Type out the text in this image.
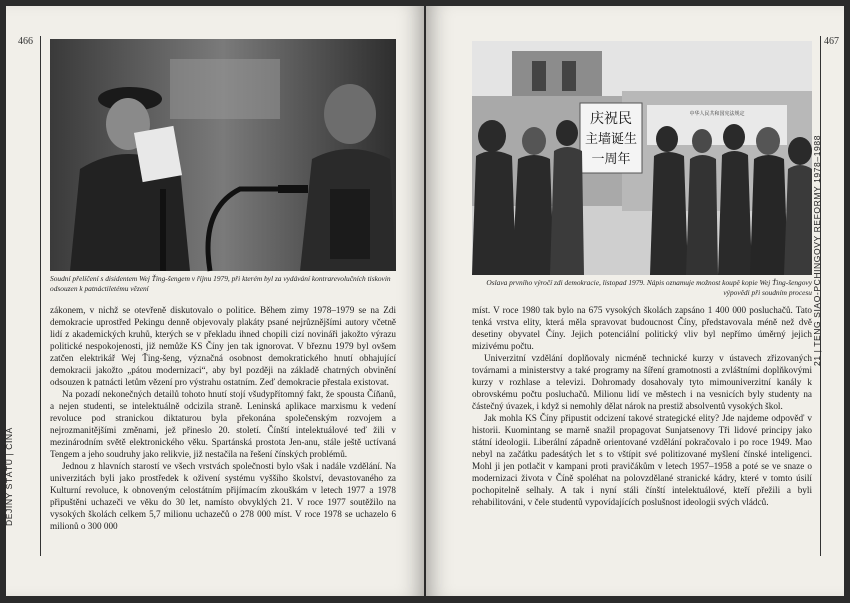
466
DĚJINY STÁTŮ | ČÍNA
Soudní přelíčení s disidentem Wej Ťing-šengem v říjnu 1979, při kterém byl za vydávání kontrarevolučních tiskovin odsouzen k patnáctiletému vězení

zákonem, v nichž se otevřeně diskutovalo o politice. Během zimy 1978–1979 se na Zdi demokracie uprostřed Pekingu denně objevovaly plakáty psané nejrůznějšími autory včetně lidí z akademických kruhů, kterých se v překladu ihned chopili cizí novináři jakožto výrazu politické nespokojenosti, již nemůže KS Číny jen tak ignorovat. V březnu 1979 byl ovšem zatčen elektrikář Wej Ťing-šeng, význačná osobnost demokratického hnutí obhajující demokracii jakožto „pátou modernizaci“, aby byl později na základě chatrných obvinění odsouzen k patnácti letům vězení pro výstrahu ostatním. Zeď demokracie přestala existovat.

Na pozadí nekonečných detailů tohoto hnutí stojí všudypřítomný fakt, že spousta Číňanů, a nejen studenti, se intelektuálně odcizila straně. Leninská aplikace marxismu k vedení revoluce pod stranickou diktaturou byla překonána společenským rozvojem a nejrozmanitějšími změnami, jež přineslo 20. století. Čínští intelektuálové teď žili v mezinárodním světě elektronického věku. Spartánská prostota Jen-anu, stále ještě uctívaná Tengem a jeho soudruhy jako relikvie, již nestačila na řešení čínských problémů.

Jednou z hlavních starostí ve všech vrstvách společnosti bylo však i nadále vzdělání. Na univerzitách byli jako prostředek k oživení systému vyššího školství, devastovaného za Kulturní revoluce, k obnoveným celostátním přijímacím zkouškám v letech 1977 a 1978 připuštěni uchazeči ve věku do 30 let, namísto obvyklých 21. V roce 1977 soutěžilo na vysokých školách celkem 5,7 milionu uchazečů o 278 000 míst. V roce 1978 se uchazelo 6 milionů o 300 000

467
21 | TENG SIAO-PCHINGOVY REFORMY 1978–1988
庆祝民
主墙诞生
一周年
中华人民共和国宪法规定
Oslava prvního výročí zdi demokracie, listopad 1979. Nápis oznamuje možnost koupě kopie Wej Ťing-šengovy výpovědi při soudním procesu

míst. V roce 1980 tak bylo na 675 vysokých školách zapsáno 1 400 000 posluchačů. Tato tenká vrstva elity, která měla spravovat budoucnost Číny, představovala méně než dvě desetiny obyvatel Číny. Jejich potenciální politický vliv byl nepřímo úměrný jejich mizivému počtu.

Univerzitní vzdělání doplňovaly nicméně technické kurzy v ústavech zřizovaných továrnami a ministerstvy a také programy na šíření gramotnosti a zvláštními doplňkovými kurzy v rozhlase a televizi. Dohromady dosahovaly tyto mimouniverzitní kanály k obrovskému počtu posluchačů. Milionu lidí ve městech i na vesnicích byly studenty na částečný úvazek, i když si nemohly dělat nárok na prestiž absolventů vysokých škol.

Jak mohla KS Číny připustit odcizení takové strategické elity? Jde najdeme odpověď v historii. Kuomintang se marně snažil propagovat Sunjatsenovy Tři lidové principy jako státní ideologii. Liberální západně orientované vzdělání pokračovalo i po roce 1949. Mao nebyl na začátku padesátých let s to vštípit své politizované myšlení čínské inteligenci. Mohl ji jen potlačit v kampani proti pravičákům v letech 1957–1958 a poté se ve snaze o modernizaci života v Číně spoléhat na polovzdělané stranické kádry, které v tomto úsilí pochopitelně selhaly. A tak i nyní stáli čínští intelektuálové, kteří přežili a byli rehabilitováni, v čele studentů vypovídajících poslušnost ideologii svých vládců.
